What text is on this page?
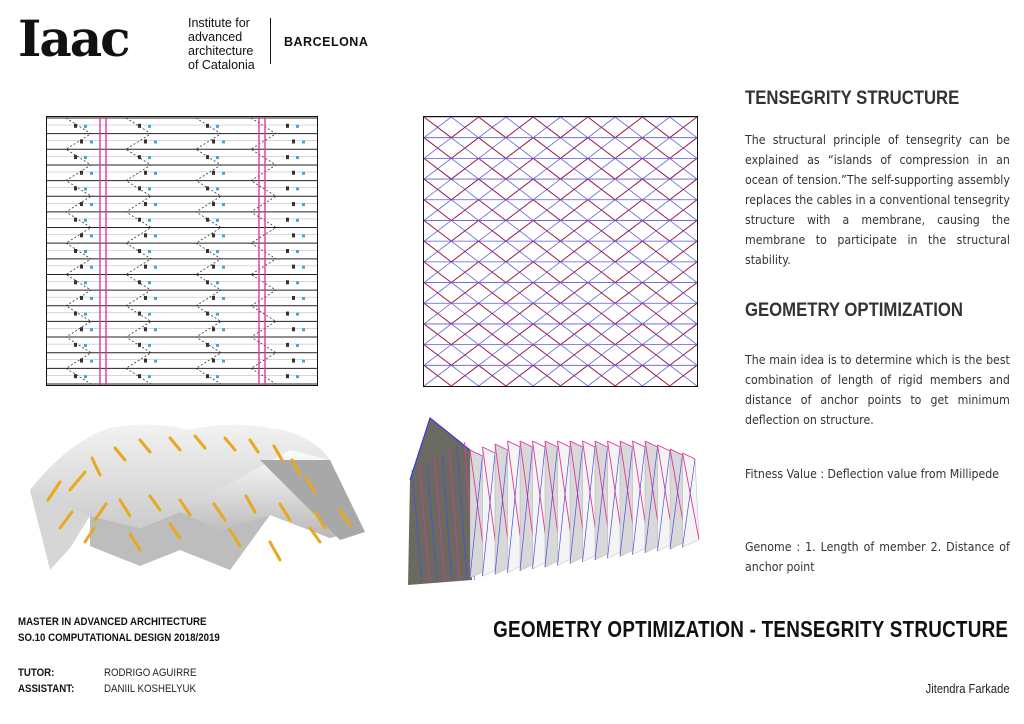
Iaac	Institute for
advanced
architecture
of Catalonia
BARCELONA
TENSEGRITY STRUCTURE
The structural principle of tensegrity can be explained as “islands of compression in an ocean of tension.”The self-supporting assembly replaces the cables in a conventional tensegrity structure with a membrane, causing the membrane to participate in the structural stability.
GEOMETRY OPTIMIZATION
The main idea is to determine which is the best combination of length of rigid members and distance of anchor points to get minimum deflection on structure.
Fitness Value : Deflection value from Millipede
Genome : 1. Length of member 2. Distance of anchor point
MASTER IN ADVANCED ARCHITECTURE
SO.10 COMPUTATIONAL DESIGN 2018/2019
TUTOR:	RODRIGO AGUIRRE
ASSISTANT:	DANIIL KOSHELYUK
GEOMETRY OPTIMIZATION - TENSEGRITY STRUCTURE
Jitendra Farkade
